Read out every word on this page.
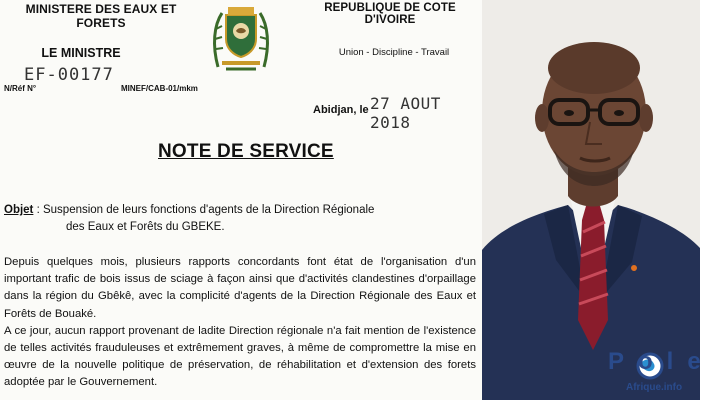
MINISTERE DES EAUX ET FORETS
LE MINISTRE
REPUBLIQUE DE COTE D'IVOIRE
Union - Discipline - Travail
EF-00177
N/Réf N°	MINEF/CAB-01/mkm
Abidjan, le 27 AOUT 2018
NOTE DE SERVICE
Objet : Suspension de leurs fonctions d'agents de la Direction Régionale
des Eaux et Forêts du GBEKE.

Depuis quelques mois, plusieurs rapports concordants font état de l'organisation d'un important trafic de bois issus de sciage à façon ainsi que d'activités clandestines d'orpaillage dans la région du Gbêkê, avec la complicité d'agents de la Direction Régionale des Eaux et Forêts de Bouaké.

A ce jour, aucun rapport provenant de ladite Direction régionale n'a fait mention de l'existence de telles activités frauduleuses et extrêmement graves, à même de compromettre la mise en œuvre de la nouvelle politique de préservation, de réhabilitation et d'extension des forets adoptée par le Gouvernement.

Pole
Afrique.info
